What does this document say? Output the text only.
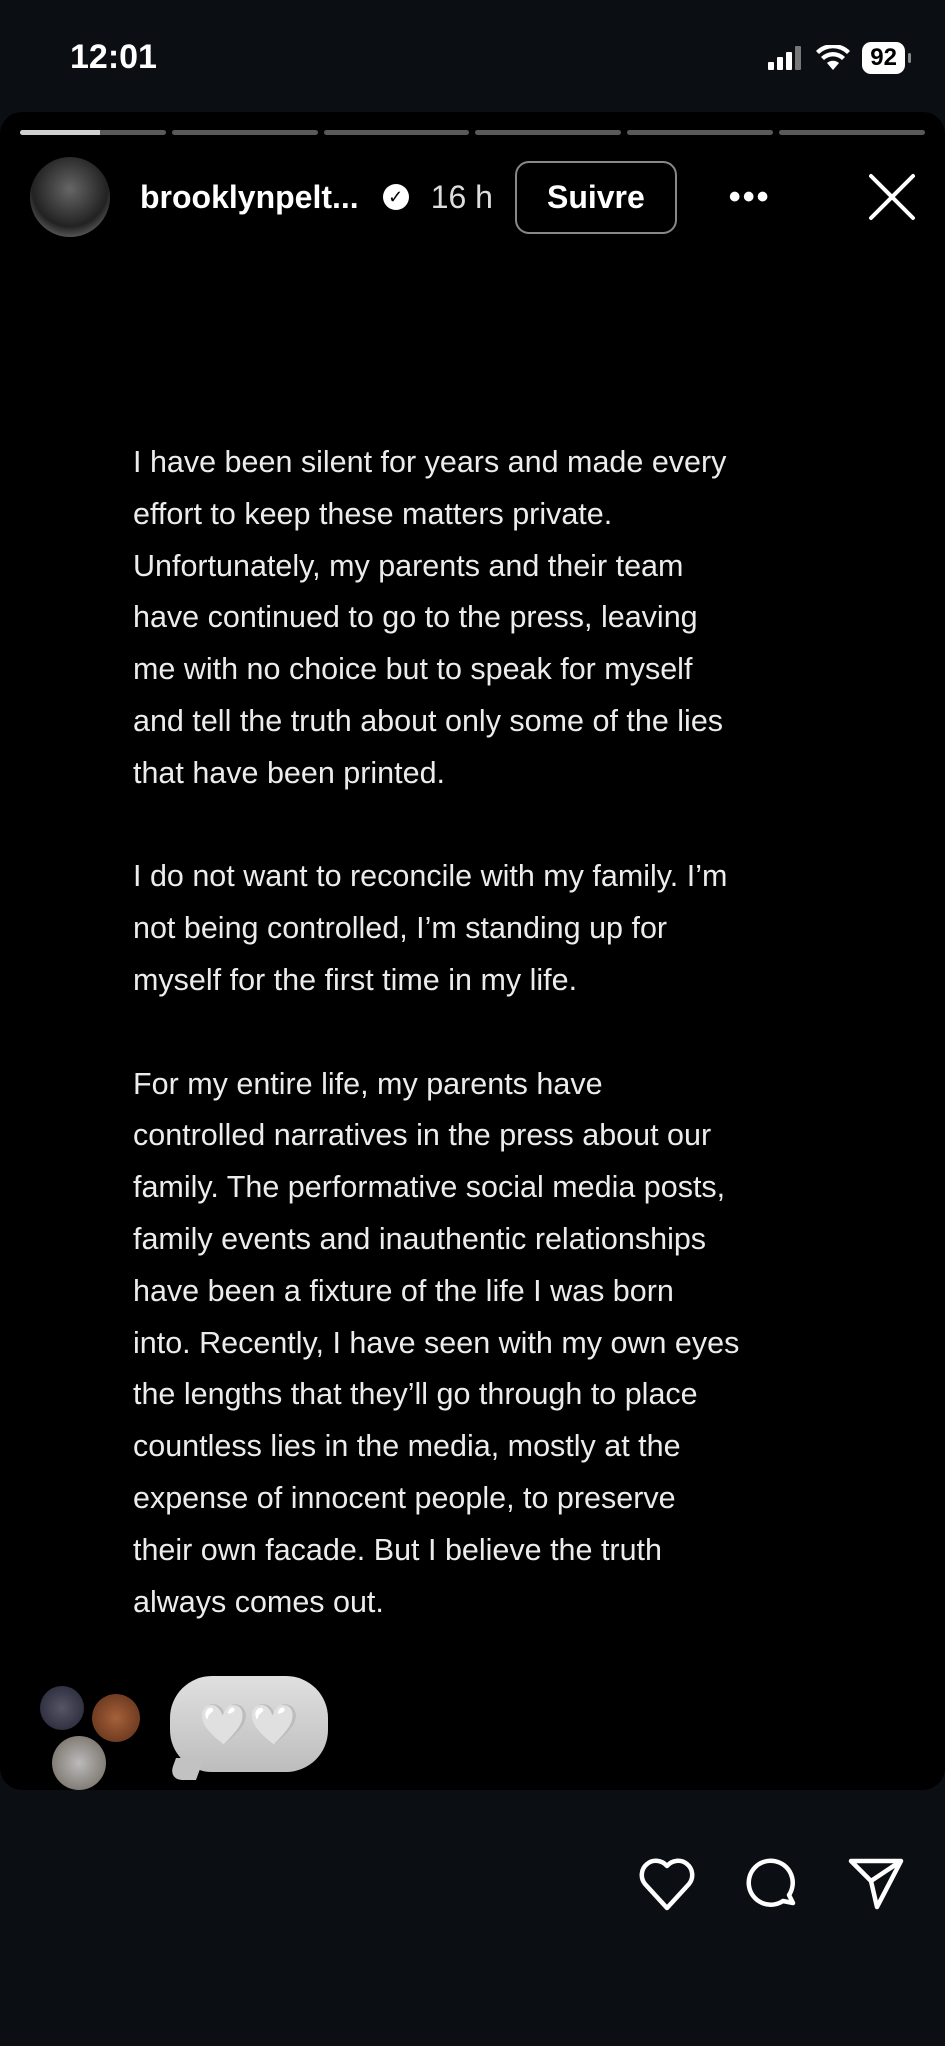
12:01	92
brooklynpelt...	✓ 16 h	Suivre	•••
I have been silent for years and made every
effort to keep these matters private.
Unfortunately, my parents and their team
have continued to go to the press, leaving
me with no choice but to speak for myself
and tell the truth about only some of the lies
that have been printed.
I do not want to reconcile with my family. I’m
not being controlled, I’m standing up for
myself for the first time in my life.
For my entire life, my parents have
controlled narratives in the press about our
family. The performative social media posts,
family events and inauthentic relationships
have been a fixture of the life I was born
into. Recently, I have seen with my own eyes
the lengths that they’ll go through to place
countless lies in the media, mostly at the
expense of innocent people, to preserve
their own facade. But I believe the truth
always comes out.
🤍🤍
